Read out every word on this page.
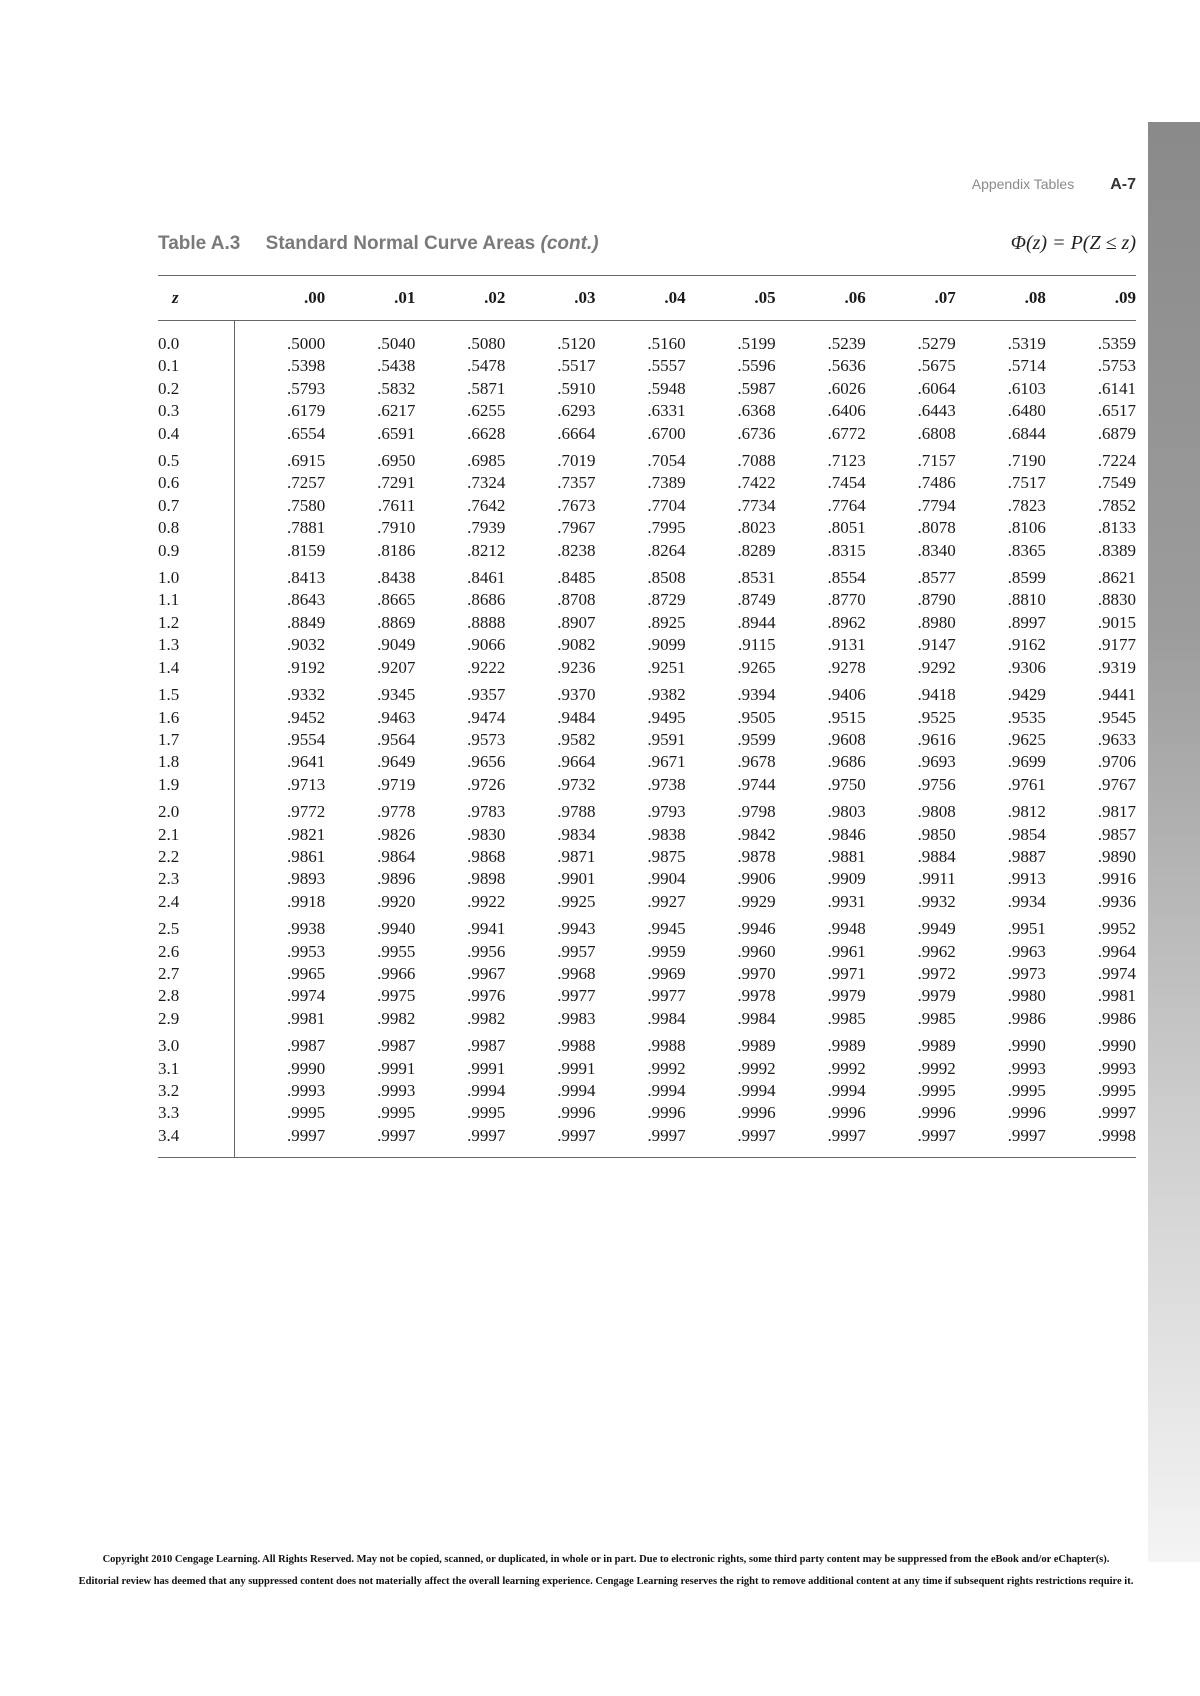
Appendix Tables A-7
Table A.3 Standard Normal Curve Areas (cont.)	Φ(z) = P(Z ≤ z)
z	.00	.01	.02	.03	.04	.05	.06	.07	.08	.09
0.0	.5000	.5040	.5080	.5120	.5160	.5199	.5239	.5279	.5319	.5359
0.1	.5398	.5438	.5478	.5517	.5557	.5596	.5636	.5675	.5714	.5753
0.2	.5793	.5832	.5871	.5910	.5948	.5987	.6026	.6064	.6103	.6141
0.3	.6179	.6217	.6255	.6293	.6331	.6368	.6406	.6443	.6480	.6517
0.4	.6554	.6591	.6628	.6664	.6700	.6736	.6772	.6808	.6844	.6879
0.5	.6915	.6950	.6985	.7019	.7054	.7088	.7123	.7157	.7190	.7224
0.6	.7257	.7291	.7324	.7357	.7389	.7422	.7454	.7486	.7517	.7549
0.7	.7580	.7611	.7642	.7673	.7704	.7734	.7764	.7794	.7823	.7852
0.8	.7881	.7910	.7939	.7967	.7995	.8023	.8051	.8078	.8106	.8133
0.9	.8159	.8186	.8212	.8238	.8264	.8289	.8315	.8340	.8365	.8389
1.0	.8413	.8438	.8461	.8485	.8508	.8531	.8554	.8577	.8599	.8621
1.1	.8643	.8665	.8686	.8708	.8729	.8749	.8770	.8790	.8810	.8830
1.2	.8849	.8869	.8888	.8907	.8925	.8944	.8962	.8980	.8997	.9015
1.3	.9032	.9049	.9066	.9082	.9099	.9115	.9131	.9147	.9162	.9177
1.4	.9192	.9207	.9222	.9236	.9251	.9265	.9278	.9292	.9306	.9319
1.5	.9332	.9345	.9357	.9370	.9382	.9394	.9406	.9418	.9429	.9441
1.6	.9452	.9463	.9474	.9484	.9495	.9505	.9515	.9525	.9535	.9545
1.7	.9554	.9564	.9573	.9582	.9591	.9599	.9608	.9616	.9625	.9633
1.8	.9641	.9649	.9656	.9664	.9671	.9678	.9686	.9693	.9699	.9706
1.9	.9713	.9719	.9726	.9732	.9738	.9744	.9750	.9756	.9761	.9767
2.0	.9772	.9778	.9783	.9788	.9793	.9798	.9803	.9808	.9812	.9817
2.1	.9821	.9826	.9830	.9834	.9838	.9842	.9846	.9850	.9854	.9857
2.2	.9861	.9864	.9868	.9871	.9875	.9878	.9881	.9884	.9887	.9890
2.3	.9893	.9896	.9898	.9901	.9904	.9906	.9909	.9911	.9913	.9916
2.4	.9918	.9920	.9922	.9925	.9927	.9929	.9931	.9932	.9934	.9936
2.5	.9938	.9940	.9941	.9943	.9945	.9946	.9948	.9949	.9951	.9952
2.6	.9953	.9955	.9956	.9957	.9959	.9960	.9961	.9962	.9963	.9964
2.7	.9965	.9966	.9967	.9968	.9969	.9970	.9971	.9972	.9973	.9974
2.8	.9974	.9975	.9976	.9977	.9977	.9978	.9979	.9979	.9980	.9981
2.9	.9981	.9982	.9982	.9983	.9984	.9984	.9985	.9985	.9986	.9986
3.0	.9987	.9987	.9987	.9988	.9988	.9989	.9989	.9989	.9990	.9990
3.1	.9990	.9991	.9991	.9991	.9992	.9992	.9992	.9992	.9993	.9993
3.2	.9993	.9993	.9994	.9994	.9994	.9994	.9994	.9995	.9995	.9995
3.3	.9995	.9995	.9995	.9996	.9996	.9996	.9996	.9996	.9996	.9997
3.4	.9997	.9997	.9997	.9997	.9997	.9997	.9997	.9997	.9997	.9998
Copyright 2010 Cengage Learning. All Rights Reserved. May not be copied, scanned, or duplicated, in whole or in part. Due to electronic rights, some third party content may be suppressed from the eBook and/or eChapter(s).
Editorial review has deemed that any suppressed content does not materially affect the overall learning experience. Cengage Learning reserves the right to remove additional content at any time if subsequent rights restrictions require it.
